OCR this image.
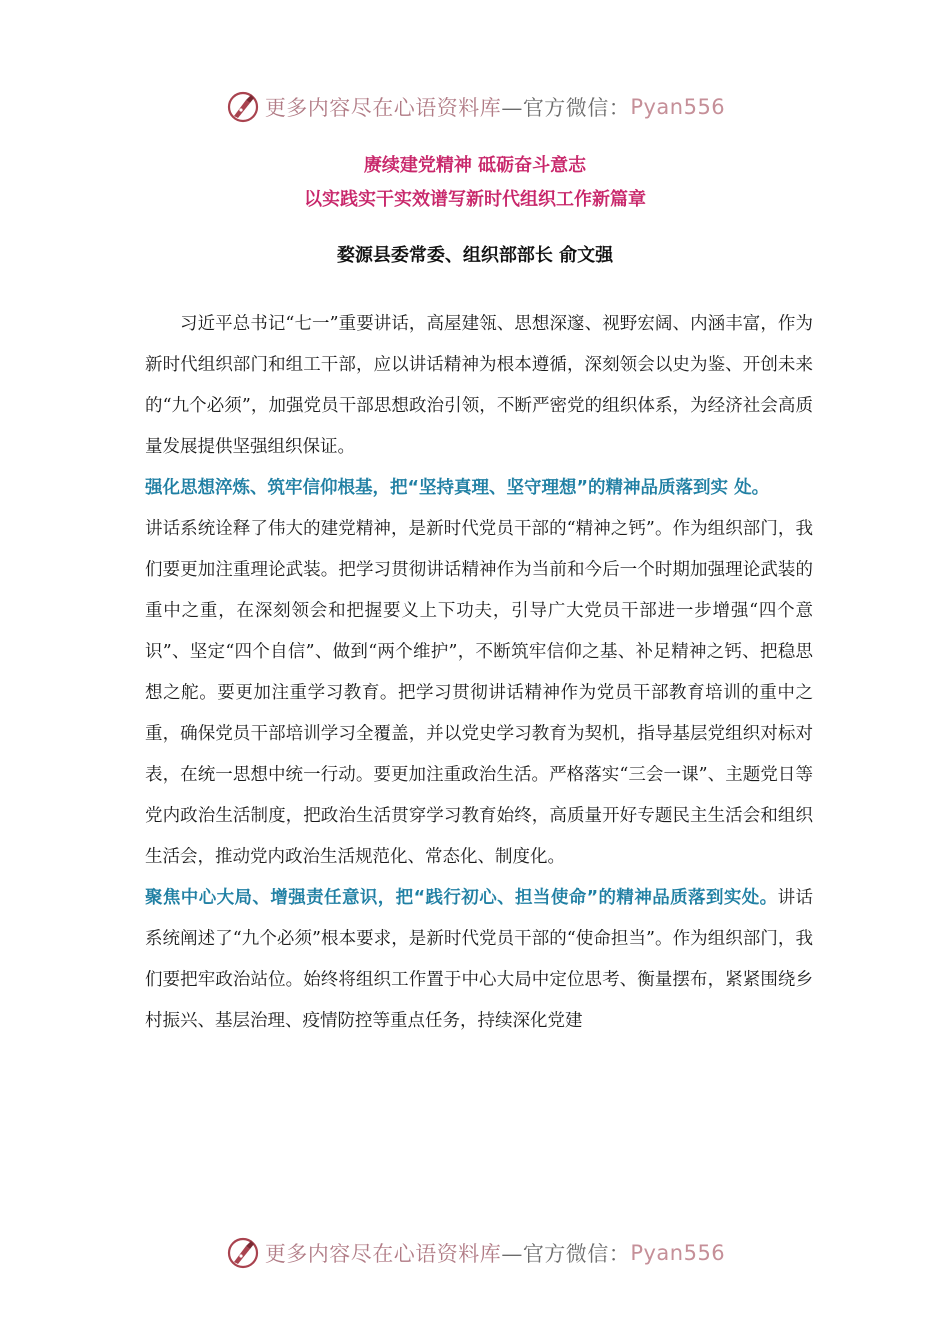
更多内容尽在心语资料库 —官方微信： Pyan556
赓续建党精神 砥砺奋斗意志
以实践实干实效谱写新时代组织工作新篇章
婺源县委常委、组织部部长 俞文强

习近平总书记“七一”重要讲话，高屋建瓴、思想深邃、视野宏阔、内涵丰富，作为新时代组织部门和组工干部，应以讲话精神为根本遵循，深刻领会以史为鉴、开创未来的“九个必须”，加强党员干部思想政治引领，不断严密党的组织体系，为经济社会高质量发展提供坚强组织保证。

强化思想淬炼、筑牢信仰根基，把“坚持真理、坚守理想”的精神品质落到实 处。

讲话系统诠释了伟大的建党精神，是新时代党员干部的“精神之钙”。作为组织部门，我们要更加注重理论武装。把学习贯彻讲话精神作为当前和今后一个时期加强理论武装的重中之重，在深刻领会和把握要义上下功夫，引导广大党员干部进一步增强“四个意识”、坚定“四个自信”、做到“两个维护”，不断筑牢信仰之基、补足精神之钙、把稳思想之舵。要更加注重学习教育。把学习贯彻讲话精神作为党员干部教育培训的重中之重，确保党员干部培训学习全覆盖，并以党史学习教育为契机，指导基层党组织对标对表，在统一思想中统一行动。要更加注重政治生活。严格落实“三会一课”、主题党日等党内政治生活制度，把政治生活贯穿学习教育始终，高质量开好专题民主生活会和组织生活会，推动党内政治生活规范化、常态化、制度化。

聚焦中心大局、增强责任意识，把“践行初心、担当使命”的精神品质落到实处。讲话系统阐述了“九个必须”根本要求，是新时代党员干部的“使命担当”。作为组织部门，我们要把牢政治站位。始终将组织工作置于中心大局中定位思考、衡量摆布，紧紧围绕乡村振兴、基层治理、疫情防控等重点任务，持续深化党建

更多内容尽在心语资料库 —官方微信： Pyan556
